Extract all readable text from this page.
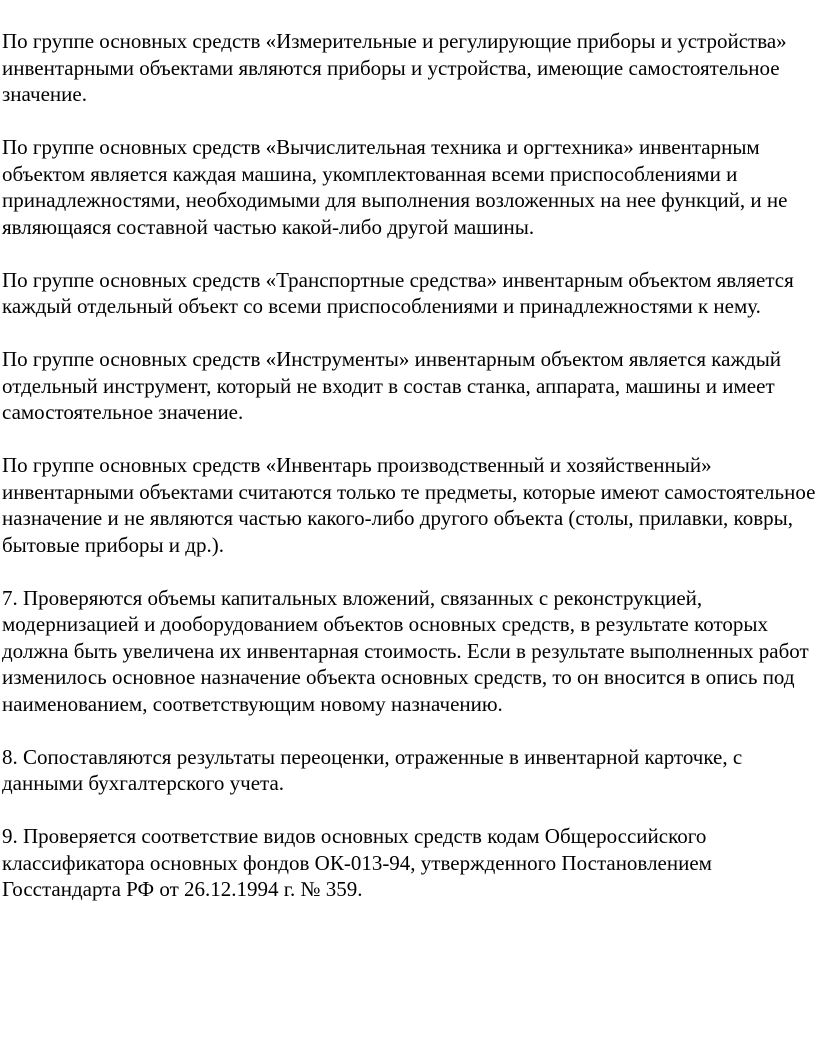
По группе основных средств «Измерительные и регулирующие приборы и устройства» инвентарными объектами являются приборы и устройства, имеющие самостоятельное значение.

По группе основных средств «Вычислительная техника и оргтехника» инвентарным объектом является каждая машина, укомплектованная всеми приспособлениями и принадлежностями, необходимыми для выполнения возложенных на нее функций, и не являющаяся составной частью какой-либо другой машины.

По группе основных средств «Транспортные средства» инвентарным объектом является каждый отдельный объект со всеми приспособлениями и принадлежностями к нему.

По группе основных средств «Инструменты» инвентарным объектом является каждый отдельный инструмент, который не входит в состав станка, аппарата, машины и имеет самостоятельное значение.

По группе основных средств «Инвентарь производственный и хозяйственный» инвентарными объектами считаются только те предметы, которые имеют самостоятельное назначение и не являются частью какого-либо другого объекта (столы, прилавки, ковры, бытовые приборы и др.).

7. Проверяются объемы капитальных вложений, связанных с реконструкцией, модернизацией и дооборудованием объектов основных средств, в результате которых должна быть увеличена их инвентарная стоимость. Если в результате выполненных работ изменилось основное назначение объекта основных средств, то он вносится в опись под наименованием, соответствующим новому назначению.

8. Сопоставляются результаты переоценки, отраженные в инвентарной карточке, с данными бухгалтерского учета.

9. Проверяется соответствие видов основных средств кодам Общероссийского классификатора основных фондов ОК-013-94, утвержденного Постановлением Госстандарта РФ от 26.12.1994 г. № 359.
